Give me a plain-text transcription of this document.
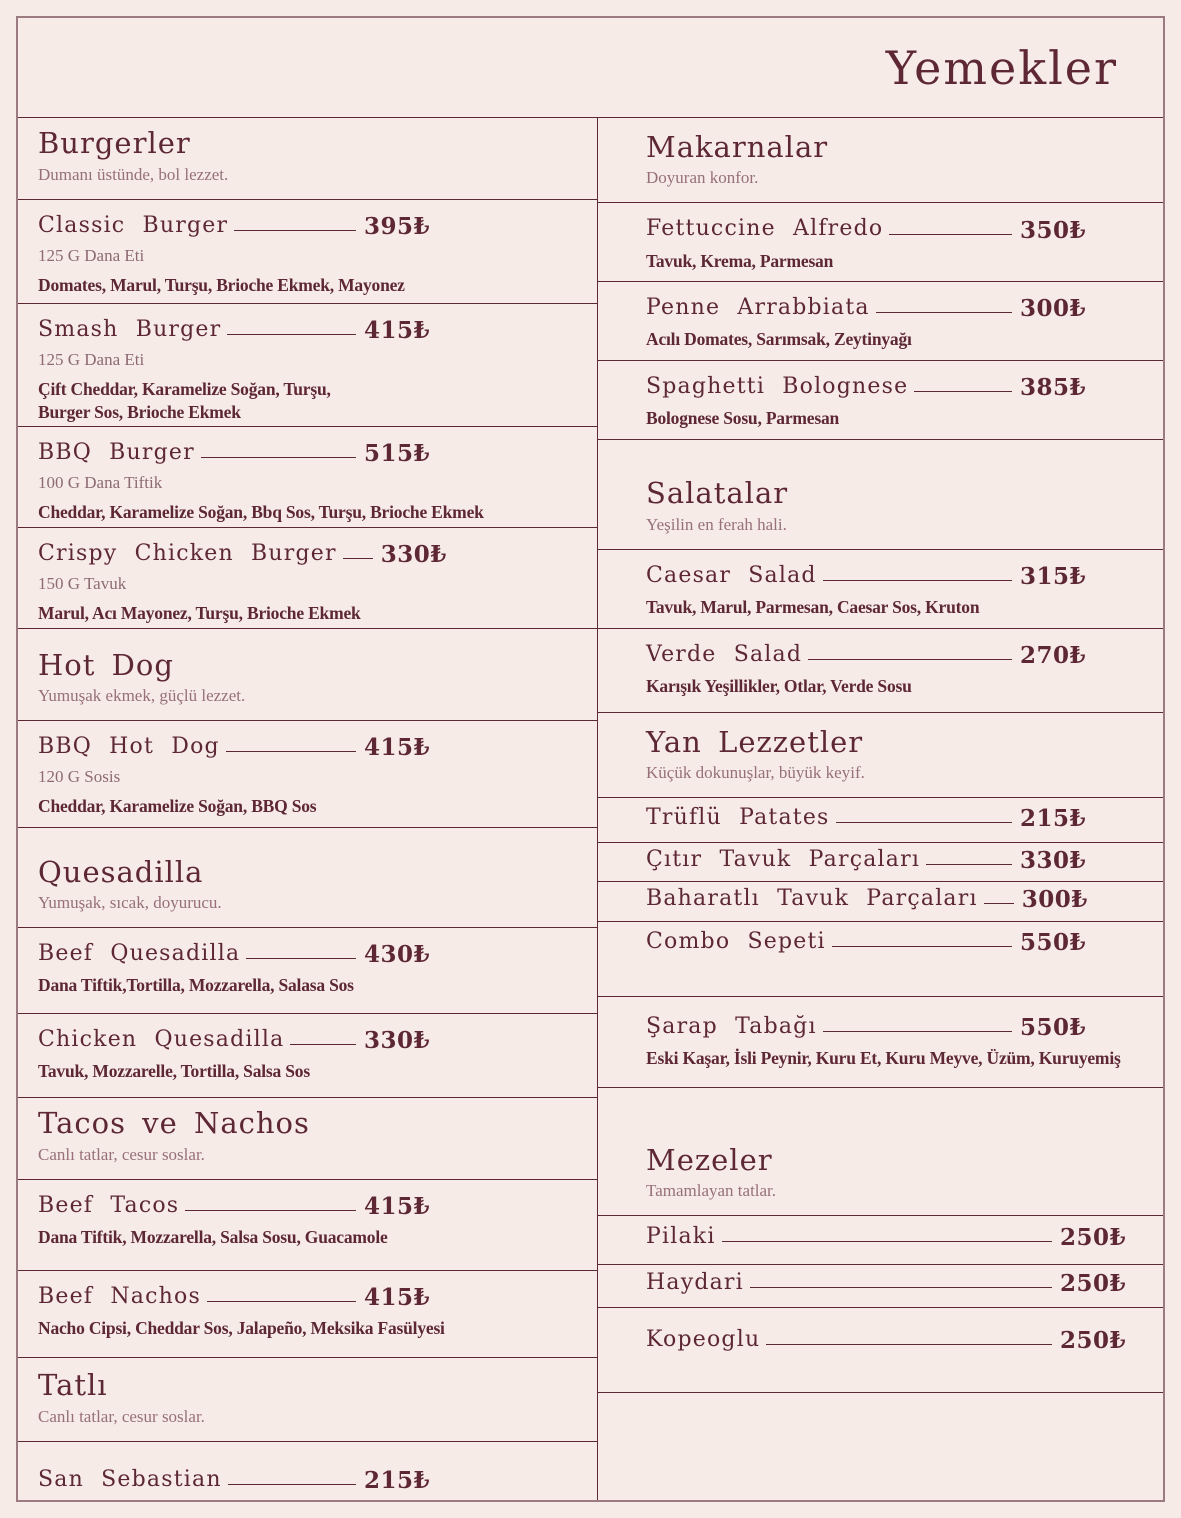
Yemekler
Burgerler
Dumanı üstünde, bol lezzet.
Classic Burger	395₺
125 G Dana Eti
Domates, Marul, Turşu, Brioche Ekmek, Mayonez
Smash Burger	415₺
125 G Dana Eti
Çift Cheddar, Karamelize Soğan, Turşu,
Burger Sos, Brioche Ekmek
BBQ Burger	515₺
100 G Dana Tiftik
Cheddar, Karamelize Soğan, Bbq Sos, Turşu, Brioche Ekmek
Crispy Chicken Burger 330₺
150 G Tavuk
Marul, Acı Mayonez, Turşu, Brioche Ekmek
Hot Dog
Yumuşak ekmek, güçlü lezzet.
BBQ Hot Dog	415₺
120 G Sosis
Cheddar, Karamelize Soğan, BBQ Sos
Quesadilla
Yumuşak, sıcak, doyurucu.
Beef Quesadilla	430₺
Dana Tiftik,Tortilla, Mozzarella, Salasa Sos
Chicken Quesadilla	330₺
Tavuk, Mozzarelle, Tortilla, Salsa Sos
Tacos ve Nachos
Canlı tatlar, cesur soslar.
Beef Tacos	415₺
Dana Tiftik, Mozzarella, Salsa Sosu, Guacamole
Beef Nachos	415₺
Nacho Cipsi, Cheddar Sos, Jalapeño, Meksika Fasülyesi
Tatlı
Canlı tatlar, cesur soslar.
San Sebastian	215₺
Makarnalar
Doyuran konfor.
Fettuccine Alfredo	350₺
Tavuk, Krema, Parmesan
Penne Arrabbiata	300₺
Acılı Domates, Sarımsak, Zeytinyağı
Spaghetti Bolognese	385₺
Bolognese Sosu, Parmesan
Salatalar
Yeşilin en ferah hali.
Caesar Salad	315₺
Tavuk, Marul, Parmesan, Caesar Sos, Kruton
Verde Salad	270₺
Karışık Yeşillikler, Otlar, Verde Sosu
Yan Lezzetler
Küçük dokunuşlar, büyük keyif.
Trüflü Patates	215₺
Çıtır Tavuk Parçaları	330₺
Baharatlı Tavuk Parçaları 300₺
Combo Sepeti	550₺
Şarap Tabağı	550₺
Eski Kaşar, İsli Peynir, Kuru Et, Kuru Meyve, Üzüm, Kuruyemiş
Mezeler
Tamamlayan tatlar.
Pilaki	250₺
Haydari	250₺
Kopeoglu	250₺
